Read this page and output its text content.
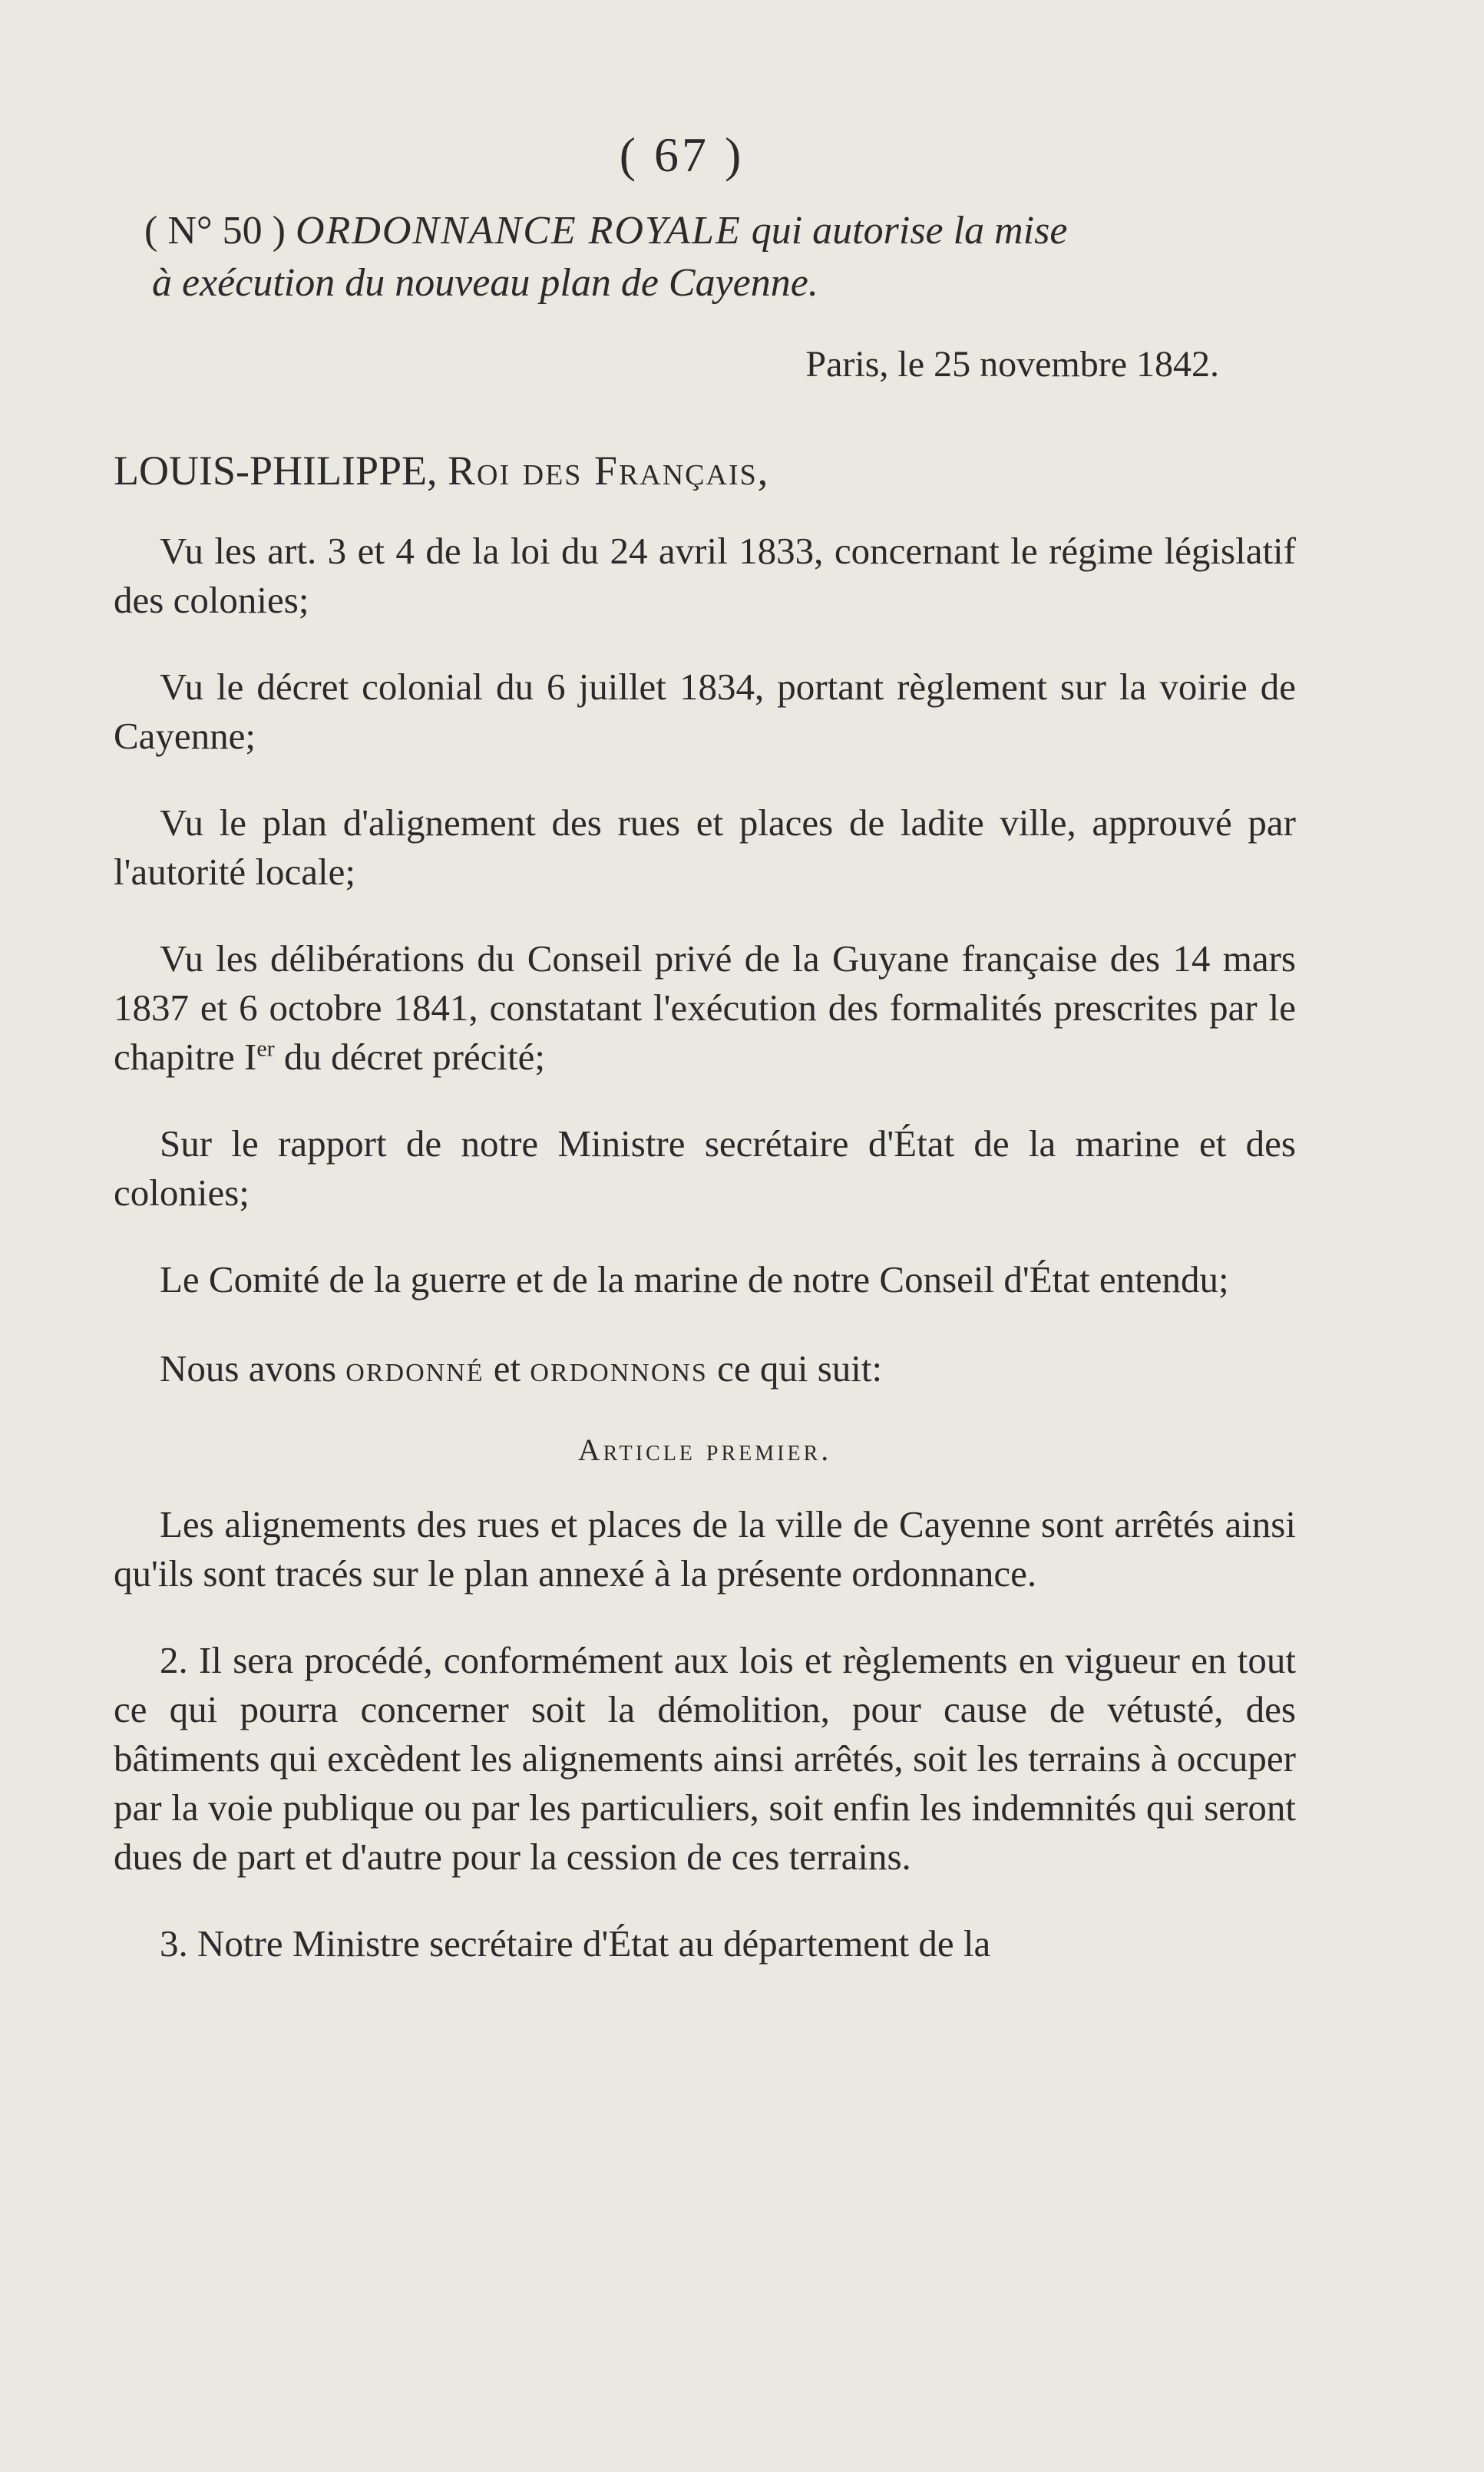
( 67 )
( N° 50 ) ORDONNANCE ROYALE qui autorise la mise
à exécution du nouveau plan de Cayenne.
Paris, le 25 novembre 1842.
LOUIS-PHILIPPE, Roi des Français,

Vu les art. 3 et 4 de la loi du 24 avril 1833, concernant le régime législatif des colonies;

Vu le décret colonial du 6 juillet 1834, portant règlement sur la voirie de Cayenne;

Vu le plan d'alignement des rues et places de ladite ville, approuvé par l'autorité locale;

Vu les délibérations du Conseil privé de la Guyane française des 14 mars 1837 et 6 octobre 1841, constatant l'exécution des formalités prescrites par le chapitre Ier du décret précité;

Sur le rapport de notre Ministre secrétaire d'État de la marine et des colonies;

Le Comité de la guerre et de la marine de notre Conseil d'État entendu;

Nous avons ordonné et ordonnons ce qui suit:

Article premier.

Les alignements des rues et places de la ville de Cayenne sont arrêtés ainsi qu'ils sont tracés sur le plan annexé à la présente ordonnance.

2. Il sera procédé, conformément aux lois et règlements en vigueur en tout ce qui pourra concerner soit la démolition, pour cause de vétusté, des bâtiments qui excèdent les alignements ainsi arrêtés, soit les terrains à occuper par la voie publique ou par les particuliers, soit enfin les indemnités qui seront dues de part et d'autre pour la cession de ces terrains.

3. Notre Ministre secrétaire d'État au département de la
